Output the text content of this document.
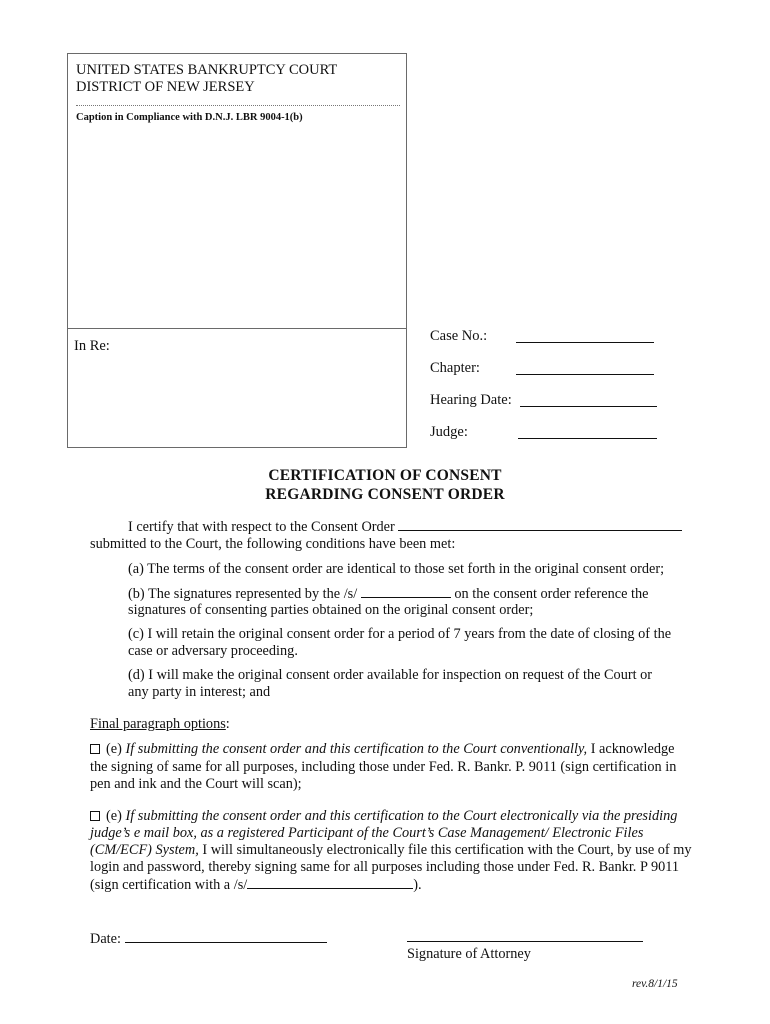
UNITED STATES BANKRUPTCY COURT
DISTRICT OF NEW JERSEY
Caption in Compliance with D.N.J. LBR 9004-1(b)
In Re:
Case No.:
Chapter:
Hearing Date:
Judge:
CERTIFICATION OF CONSENT
REGARDING CONSENT ORDER
I certify that with respect to the Consent Order
submitted to the Court, the following conditions have been met:
(a) The terms of the consent order are identical to those set forth in the original consent order;
(b) The signatures represented by the /s/	on the consent order reference the
signatures of consenting parties obtained on the original consent order;
(c) I will retain the original consent order for a period of 7 years from the date of closing of the
case or adversary proceeding.
(d) I will make the original consent order available for inspection on request of the Court or
any party in interest; and
Final paragraph options:
(e) If submitting the consent order and this certification to the Court conventionally, I acknowledge
the signing of same for all purposes, including those under Fed. R. Bankr. P. 9011 (sign certification in
pen and ink and the Court will scan);
(e) If submitting the consent order and this certification to the Court electronically via the presiding
judge’s e mail box, as a registered Participant of the Court’s Case Management/ Electronic Files
(CM/ECF) System, I will simultaneously electronically file this certification with the Court, by use of my
login and password, thereby signing same for all purposes including those under Fed. R. Bankr. P 9011
(sign certification with a /s/	).
Date:
Signature of Attorney
rev.8/1/15
